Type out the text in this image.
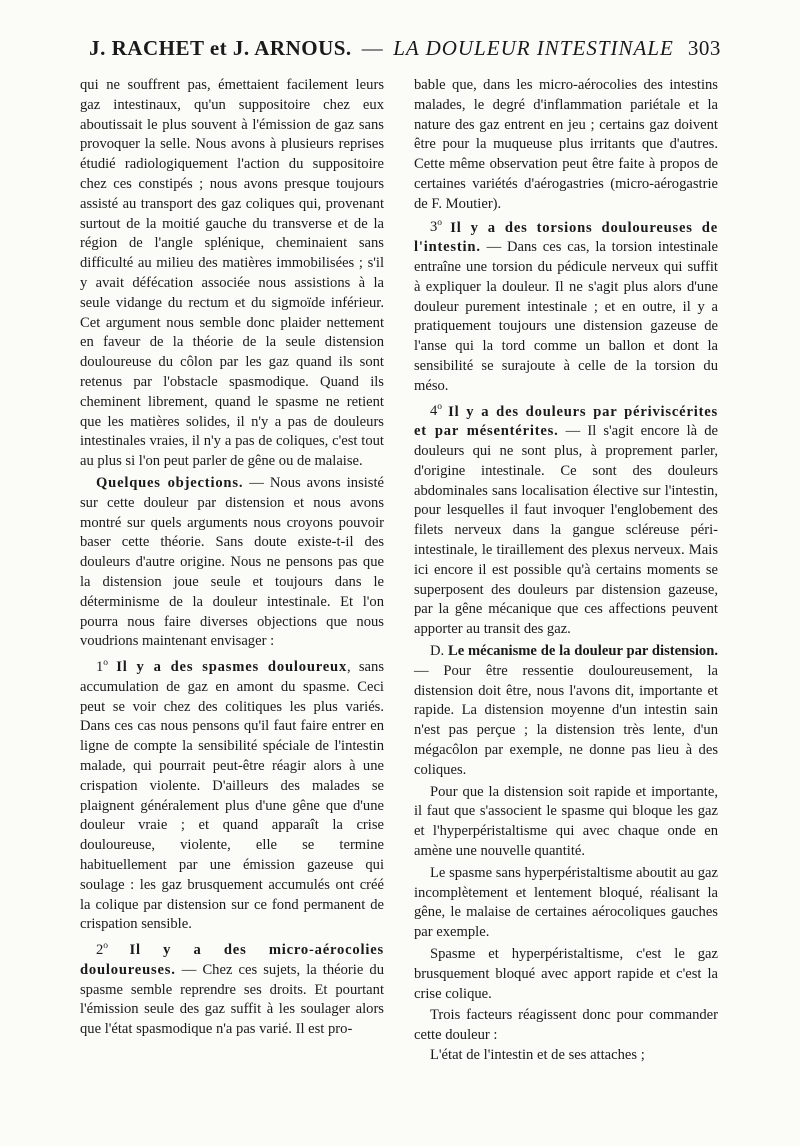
J. RACHET et J. ARNOUS. — LA DOULEUR INTESTINALE 303

qui ne souffrent pas, émettaient facilement leurs gaz intestinaux, qu'un suppositoire chez eux aboutissait le plus souvent à l'émission de gaz sans provoquer la selle. Nous avons à plusieurs reprises étudié radiologiquement l'action du suppositoire chez ces constipés ; nous avons presque toujours assisté au transport des gaz coliques qui, provenant surtout de la moitié gauche du transverse et de la région de l'angle splénique, cheminaient sans difficulté au milieu des matières immobilisées ; s'il y avait défécation associée nous assistions à la seule vidange du rectum et du sigmoïde inférieur. Cet argument nous semble donc plaider nettement en faveur de la théorie de la seule distension douloureuse du côlon par les gaz quand ils sont retenus par l'obstacle spasmodique. Quand ils cheminent librement, quand le spasme ne retient que les matières solides, il n'y a pas de douleurs intestinales vraies, il n'y a pas de coliques, c'est tout au plus si l'on peut parler de gêne ou de malaise.

Quelques objections. — Nous avons insisté sur cette douleur par distension et nous avons montré sur quels arguments nous croyons pouvoir baser cette théorie. Sans doute existe-t-il des douleurs d'autre origine. Nous ne pensons pas que la distension joue seule et toujours dans le déterminisme de la douleur intestinale. Et l'on pourra nous faire diverses objections que nous voudrions maintenant envisager :

1$^o$ Il y a des spasmes douloureux, sans accumulation de gaz en amont du spasme. Ceci peut se voir chez des colitiques les plus variés. Dans ces cas nous pensons qu'il faut faire entrer en ligne de compte la sensibilité spéciale de l'intestin malade, qui pourrait peut-être réagir alors à une crispation violente. D'ailleurs des malades se plaignent généralement plus d'une gêne que d'une douleur vraie ; et quand apparaît la crise douloureuse, violente, elle se termine habituellement par une émission gazeuse qui soulage : les gaz brusquement accumulés ont créé la colique par distension sur ce fond permanent de crispation sensible.

2$^o$ Il y a des micro-aérocolies douloureuses. — Chez ces sujets, la théorie du spasme semble reprendre ses droits. Et pourtant l'émission seule des gaz suffit à les soulager alors que l'état spasmodique n'a pas varié. Il est pro-

bable que, dans les micro-aérocolies des intestins malades, le degré d'inflammation pariétale et la nature des gaz entrent en jeu ; certains gaz doivent être pour la muqueuse plus irritants que d'autres. Cette même observation peut être faite à propos de certaines variétés d'aérogastries (micro-aérogastrie de F. Moutier).

3$^o$ Il y a des torsions douloureuses de l'intestin. — Dans ces cas, la torsion intestinale entraîne une torsion du pédicule nerveux qui suffit à expliquer la douleur. Il ne s'agit plus alors d'une douleur purement intestinale ; et en outre, il y a pratiquement toujours une distension gazeuse de l'anse qui la tord comme un ballon et dont la sensibilité se surajoute à celle de la torsion du méso.

4$^o$ Il y a des douleurs par périviscérites et par mésentérites. — Il s'agit encore là de douleurs qui ne sont plus, à proprement parler, d'origine intestinale. Ce sont des douleurs abdominales sans localisation élective sur l'intestin, pour lesquelles il faut invoquer l'englobement des filets nerveux dans la gangue scléreuse péri-intestinale, le tiraillement des plexus nerveux. Mais ici encore il est possible qu'à certains moments se superposent des douleurs par distension gazeuse, par la gêne mécanique que ces affections peuvent apporter au transit des gaz.

D. Le mécanisme de la douleur par distension. — Pour être ressentie douloureusement, la distension doit être, nous l'avons dit, importante et rapide. La distension moyenne d'un intestin sain n'est pas perçue ; la distension très lente, d'un mégacôlon par exemple, ne donne pas lieu à des coliques.

Pour que la distension soit rapide et importante, il faut que s'associent le spasme qui bloque les gaz et l'hyperpéristaltisme qui avec chaque onde en amène une nouvelle quantité.

Le spasme sans hyperpéristaltisme aboutit au gaz incomplètement et lentement bloqué, réalisant la gêne, le malaise de certaines aérocoliques gauches par exemple.

Spasme et hyperpéristaltisme, c'est le gaz brusquement bloqué avec apport rapide et c'est la crise colique.

Trois facteurs réagissent donc pour commander cette douleur :

L'état de l'intestin et de ses attaches ;
